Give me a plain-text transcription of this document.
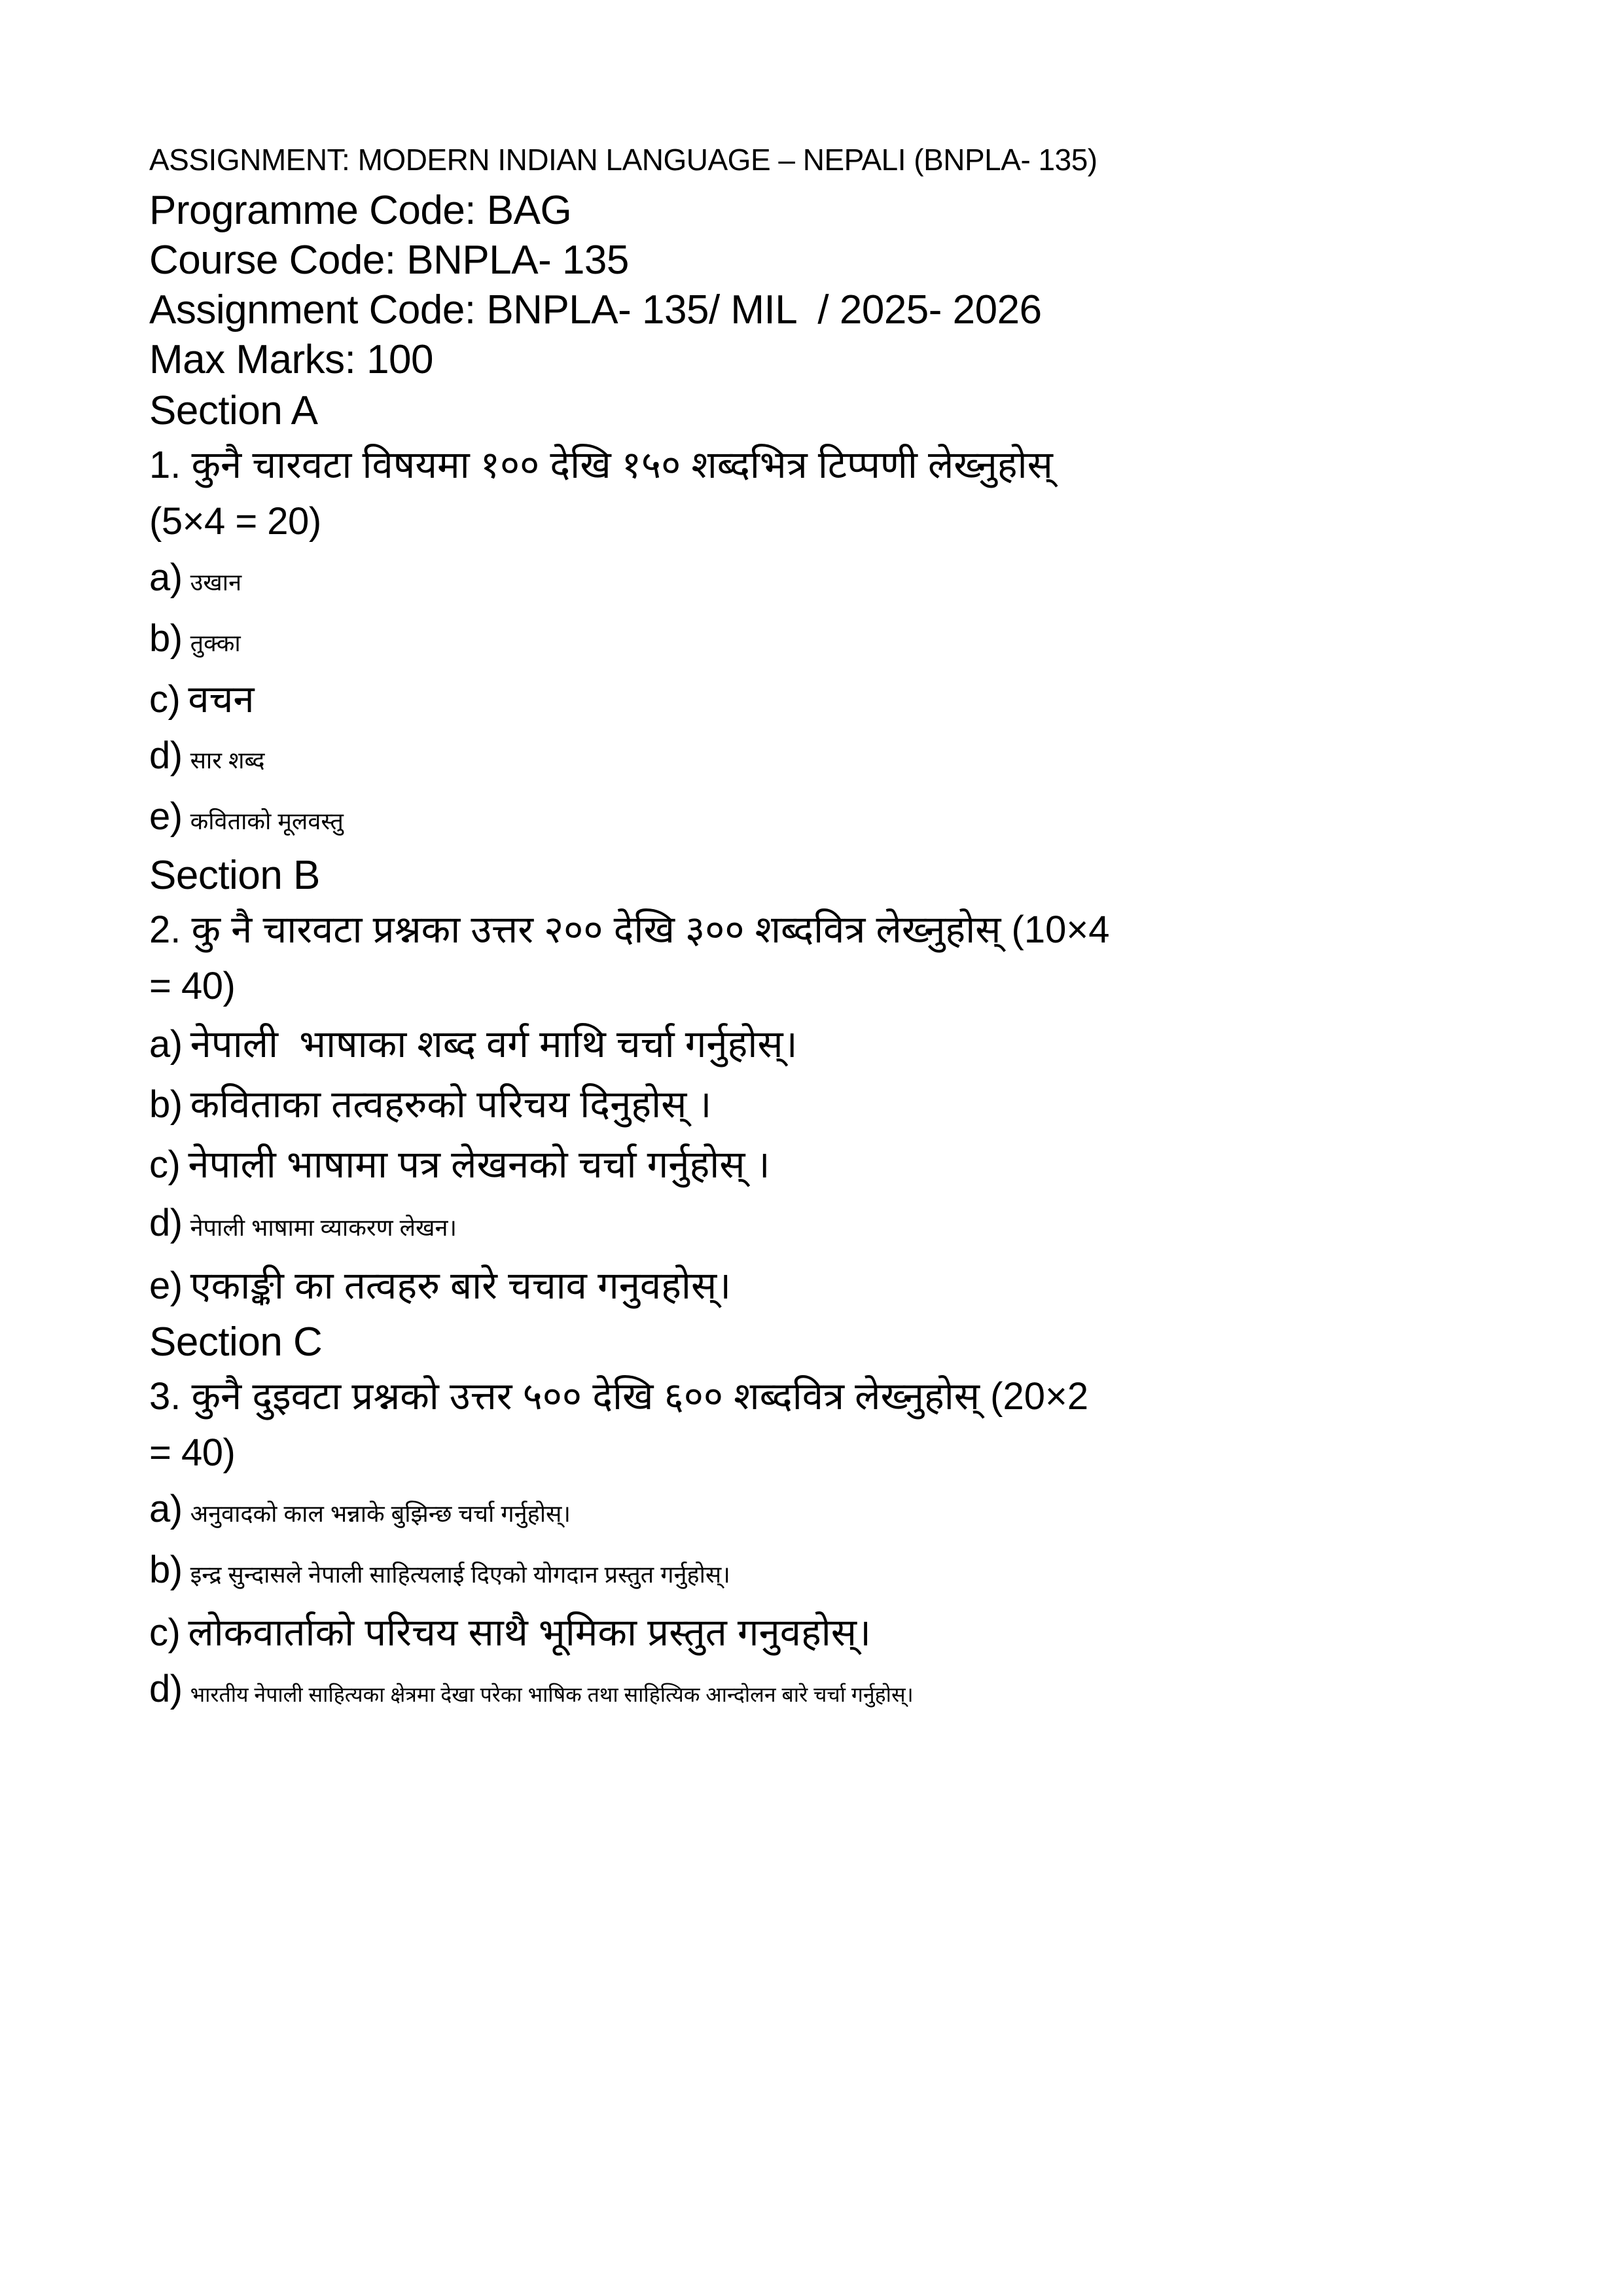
ASSIGNMENT: MODERN INDIAN LANGUAGE – NEPALI (BNPLA- 135)
Programme Code: BAG
Course Code: BNPLA- 135
Assignment Code: BNPLA- 135/ MIL  / 2025- 2026
Max Marks: 100
Section A
1. कुनै चारवटा विषयमा १०० देखि १५० शब्दभित्र टिप्पणी लेख्नुहोस्
(5×4 = 20)
a) उखान
b) तुक्का
c) वचन
d) सार शब्द
e) कविताको मूलवस्तु
Section B
2. कु नै चारवटा प्रश्नका उत्तर २०० देखि ३०० शब्दवित्र लेख्नुहोस् (10×4
= 40)
a) नेपाली  भाषाका शब्द वर्ग माथि चर्चा गर्नुहोस्।
b) कविताका तत्वहरुको परिचय दिनुहोस् ।
c) नेपाली भाषामा पत्र लेखनको चर्चा गर्नुहोस् ।
d) नेपाली भाषामा व्याकरण लेखन।
e) एकाङ्की का तत्वहरु बारे चचाव गनुवहोस्।
Section C
3. कुनै दुइवटा प्रश्नको उत्तर ५०० देखि ६०० शब्दवित्र लेख्नुहोस् (20×2
= 40)
a) अनुवादको काल भन्नाके बुझिन्छ चर्चा गर्नुहोस्।
b) इन्द्र सुन्दासले नेपाली साहित्यलाई दिएको योगदान प्रस्तुत गर्नुहोस्।
c) लोकवार्ताको परिचय साथै भूमिका प्रस्तुत गनुवहोस्।
d) भारतीय नेपाली साहित्यका क्षेत्रमा देखा परेका भाषिक तथा साहित्यिक आन्दोलन बारे चर्चा गर्नुहोस्।
